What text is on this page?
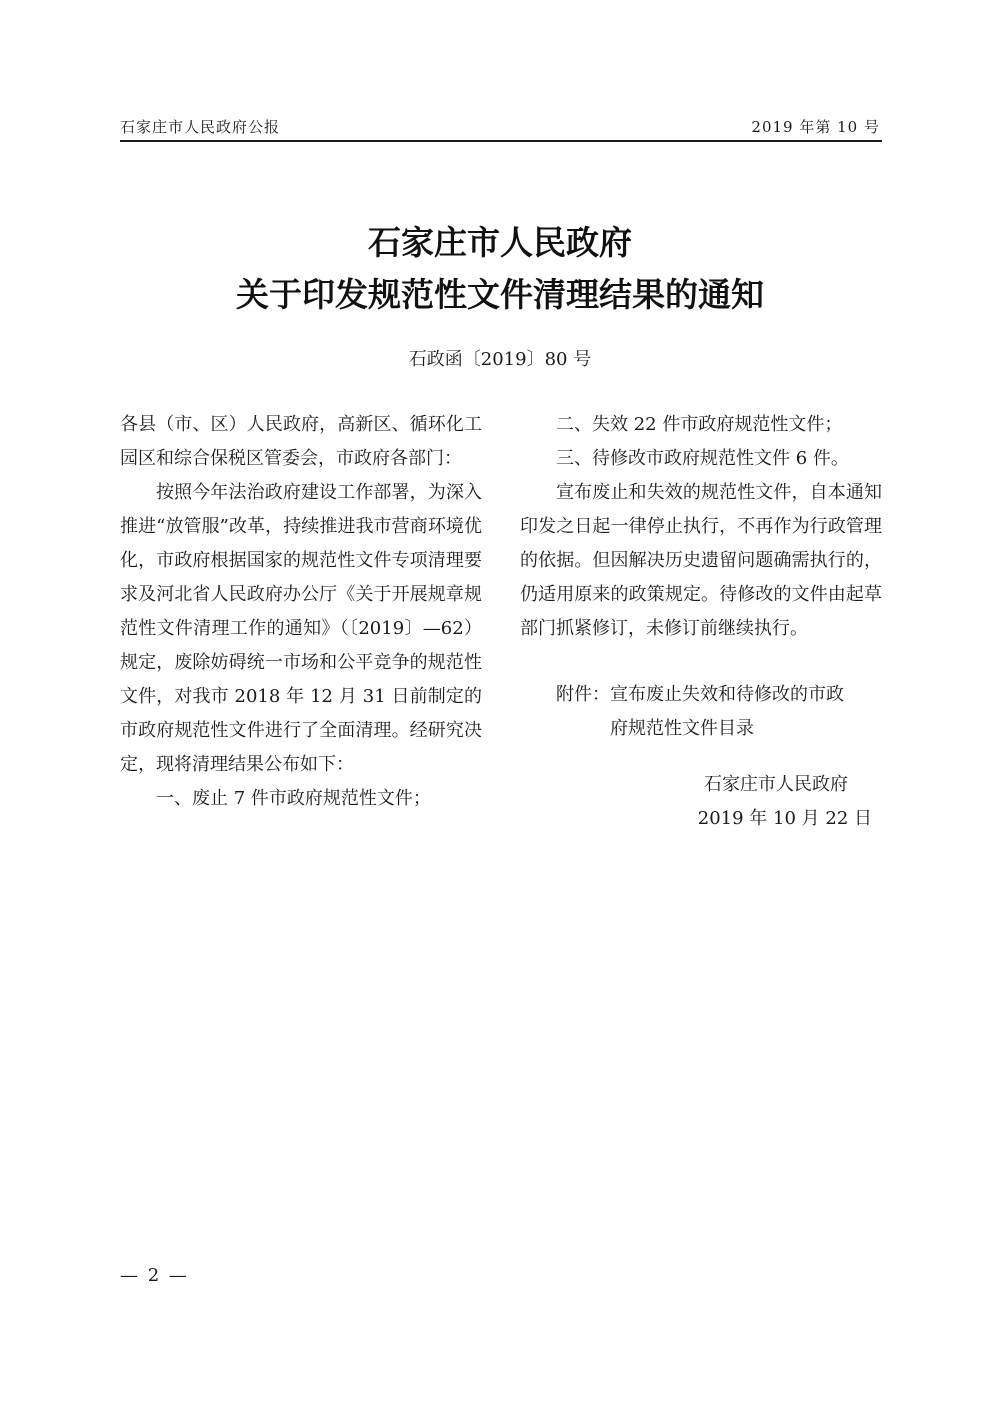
石家庄市人民政府公报	2019 年第 10 号
石家庄市人民政府
关于印发规范性文件清理结果的通知
石政函〔2019〕80 号

各县（市、区）人民政府，高新区、循环化工园区和综合保税区管委会，市政府各部门：

按照今年法治政府建设工作部署，为深入推进“放管服”改革，持续推进我市营商环境优化，市政府根据国家的规范性文件专项清理要求及河北省人民政府办公厅《关于开展规章规范性文件清理工作的通知》（〔2019〕—62）规定，废除妨碍统一市场和公平竞争的规范性文件，对我市 2018 年 12 月 31 日前制定的市政府规范性文件进行了全面清理。经研究决定，现将清理结果公布如下：

一、废止 7 件市政府规范性文件；

二、失效 22 件市政府规范性文件；

三、待修改市政府规范性文件 6 件。

宣布废止和失效的规范性文件，自本通知印发之日起一律停止执行，不再作为行政管理的依据。但因解决历史遗留问题确需执行的，仍适用原来的政策规定。待修改的文件由起草部门抓紧修订，未修订前继续执行。

附件：宣布废止失效和待修改的市政

府规范性文件目录

石家庄市人民政府

2019 年 10 月 22 日

— 2 —
